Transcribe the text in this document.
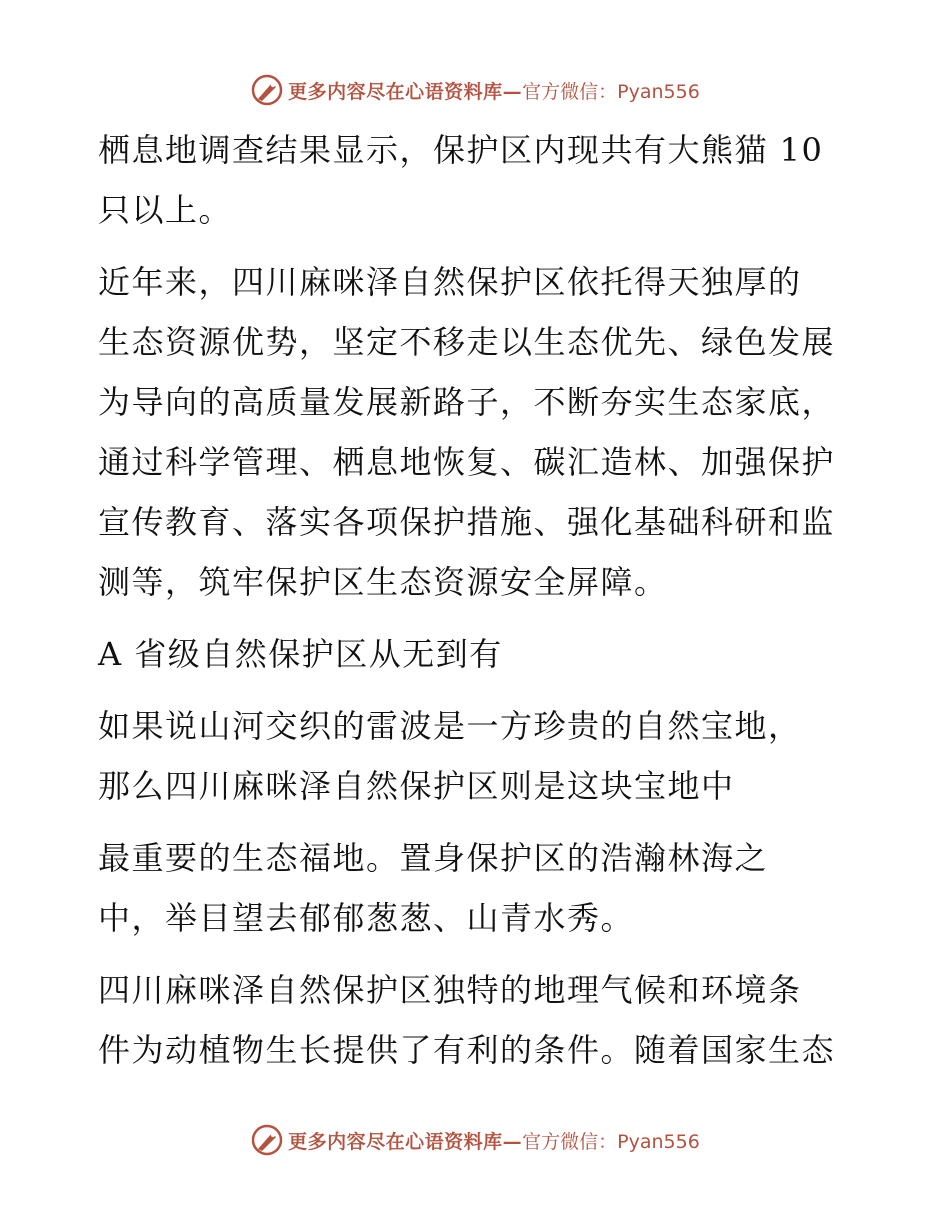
更多内容尽在心语资料库— 官方微信：Pyan556

栖息地调查结果显示，保护区内现共有大熊猫 10
只以上。

近年来，四川麻咪泽自然保护区依托得天独厚的
生态资源优势，坚定不移走以生态优先、绿色发展
为导向的高质量发展新路子，不断夯实生态家底，
通过科学管理、栖息地恢复、碳汇造林、加强保护
宣传教育、落实各项保护措施、强化基础科研和监
测等，筑牢保护区生态资源安全屏障。

A 省级自然保护区从无到有

如果说山河交织的雷波是一方珍贵的自然宝地，
那么四川麻咪泽自然保护区则是这块宝地中

最重要的生态福地。置身保护区的浩瀚林海之
中，举目望去郁郁葱葱、山青水秀。

四川麻咪泽自然保护区独特的地理气候和环境条
件为动植物生长提供了有利的条件。随着国家生态

更多内容尽在心语资料库— 官方微信：Pyan556
